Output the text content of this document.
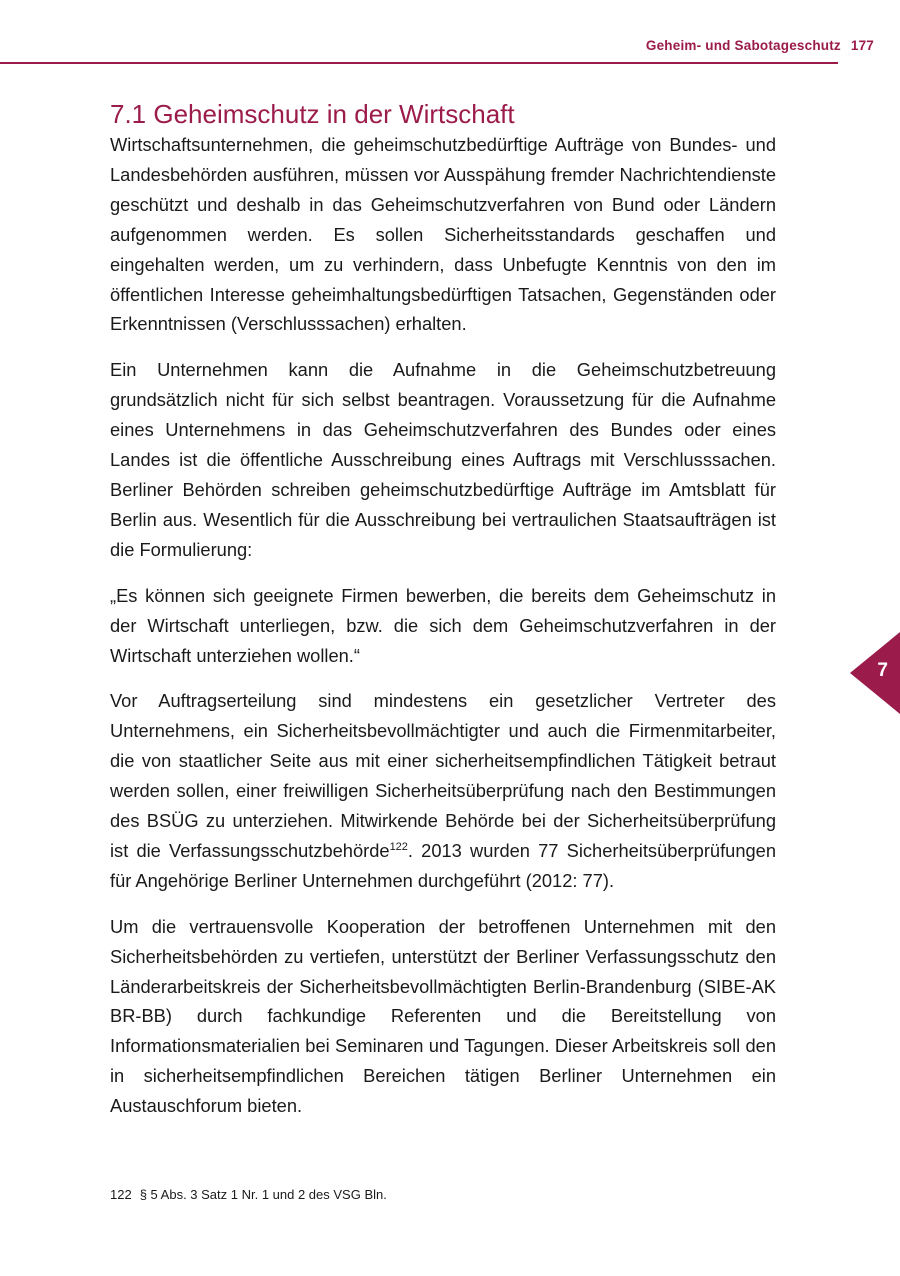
Geheim- und Sabotageschutz 177
7
7.1 Geheimschutz in der Wirtschaft

Wirtschaftsunternehmen, die geheimschutzbedürftige Aufträge von Bundes- und Landesbehörden ausführen, müssen vor Ausspähung fremder Nachrichtendienste geschützt und deshalb in das Geheimschutzverfahren von Bund oder Ländern aufgenommen werden. Es sollen Sicherheitsstandards geschaffen und eingehalten werden, um zu verhindern, dass Unbefugte Kenntnis von den im öffentlichen Interesse geheimhaltungsbedürftigen Tatsachen, Gegenständen oder Erkenntnissen (Verschlusssachen) erhalten.

Ein Unternehmen kann die Aufnahme in die Geheimschutzbetreuung grundsätzlich nicht für sich selbst beantragen. Voraussetzung für die Aufnahme eines Unternehmens in das Geheimschutzverfahren des Bundes oder eines Landes ist die öffentliche Ausschreibung eines Auftrags mit Verschlusssachen. Berliner Behörden schreiben geheimschutzbedürftige Aufträge im Amtsblatt für Berlin aus. Wesentlich für die Ausschreibung bei vertraulichen Staatsaufträgen ist die Formulierung:

„Es können sich geeignete Firmen bewerben, die bereits dem Geheimschutz in der Wirtschaft unterliegen, bzw. die sich dem Geheimschutzverfahren in der Wirtschaft unterziehen wollen.“

Vor Auftragserteilung sind mindestens ein gesetzlicher Vertreter des Unternehmens, ein Sicherheitsbevollmächtigter und auch die Firmenmitarbeiter, die von staatlicher Seite aus mit einer sicherheitsempfindlichen Tätigkeit betraut werden sollen, einer freiwilligen Sicherheitsüberprüfung nach den Bestimmungen des BSÜG zu unterziehen. Mitwirkende Behörde bei der Sicherheitsüberprüfung ist die Verfassungsschutzbehörde$^{122}$. 2013 wurden 77 Sicherheitsüberprüfungen für Angehörige Berliner Unternehmen durchgeführt (2012: 77).

Um die vertrauensvolle Kooperation der betroffenen Unternehmen mit den Sicherheitsbehörden zu vertiefen, unterstützt der Berliner Verfassungsschutz den Länderarbeitskreis der Sicherheitsbevollmächtigten Berlin-Brandenburg (SIBE-AK BR-BB) durch fachkundige Referenten und die Bereitstellung von Informationsmaterialien bei Seminaren und Tagungen. Dieser Arbeitskreis soll den in sicherheitsempfindlichen Bereichen tätigen Berliner Unternehmen ein Austauschforum bieten.

122 § 5 Abs. 3 Satz 1 Nr. 1 und 2 des VSG Bln.
